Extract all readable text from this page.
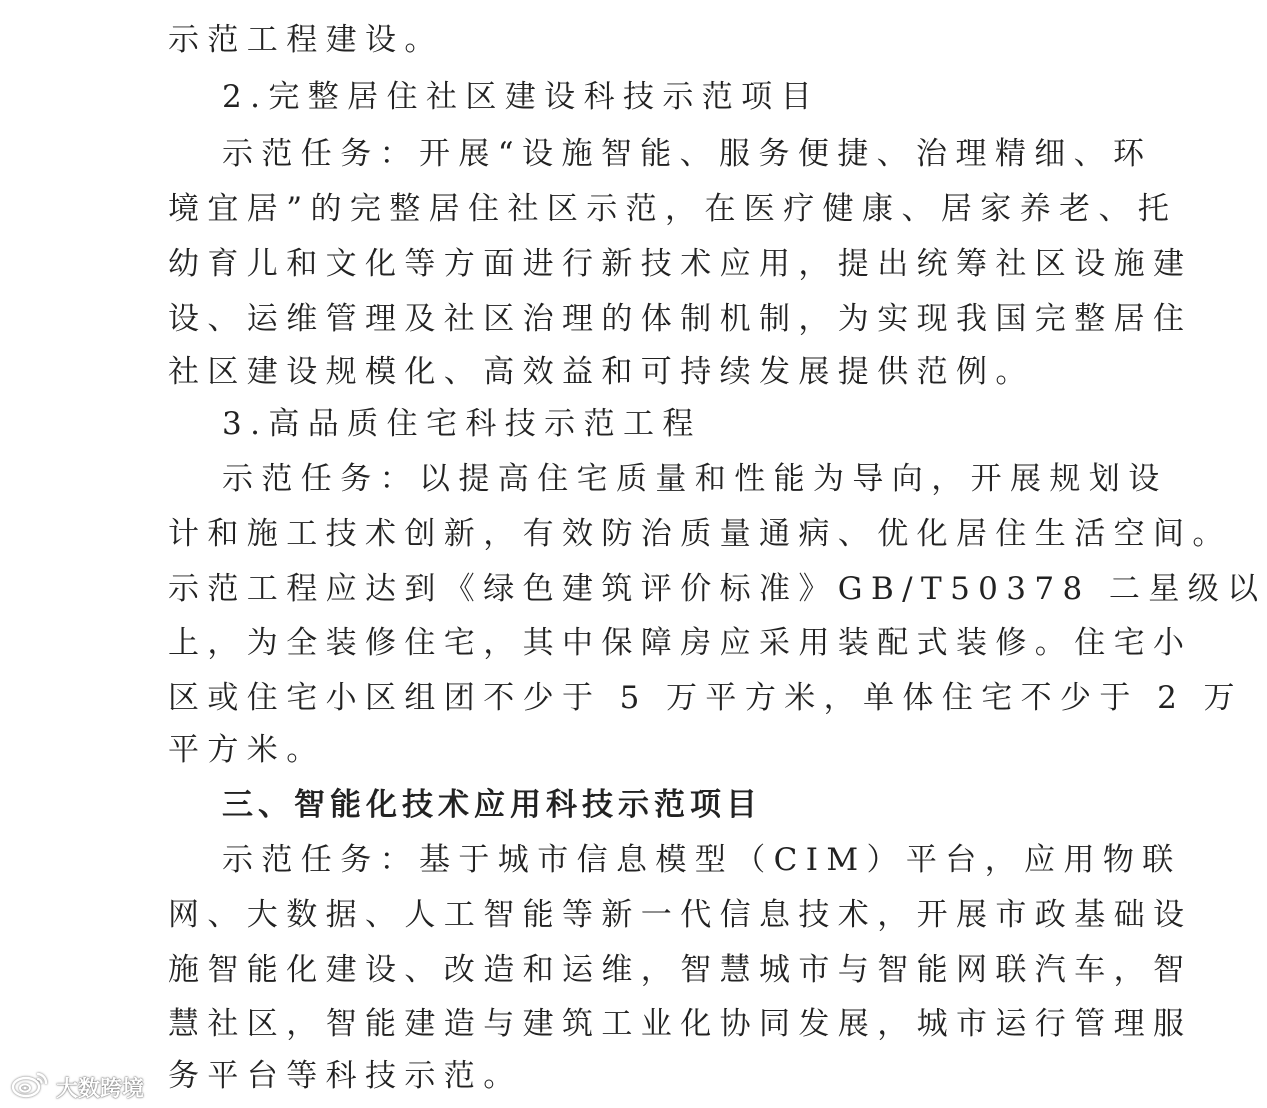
示范工程建设。
2.完整居住社区建设科技示范项目
示范任务：开展“设施智能、服务便捷、治理精细、环
境宜居”的完整居住社区示范，在医疗健康、居家养老、托
幼育儿和文化等方面进行新技术应用，提出统筹社区设施建
设、运维管理及社区治理的体制机制，为实现我国完整居住
社区建设规模化、高效益和可持续发展提供范例。
3.高品质住宅科技示范工程
示范任务：以提高住宅质量和性能为导向，开展规划设
计和施工技术创新，有效防治质量通病、优化居住生活空间。
示范工程应达到《绿色建筑评价标准》GB/T50378 二星级以
上，为全装修住宅，其中保障房应采用装配式装修。住宅小
区或住宅小区组团不少于 5 万平方米，单体住宅不少于 2 万
平方米。
三、智能化技术应用科技示范项目
示范任务：基于城市信息模型（CIM）平台，应用物联
网、大数据、人工智能等新一代信息技术，开展市政基础设
施智能化建设、改造和运维，智慧城市与智能网联汽车，智
慧社区，智能建造与建筑工业化协同发展，城市运行管理服
务平台等科技示范。
大数跨境
